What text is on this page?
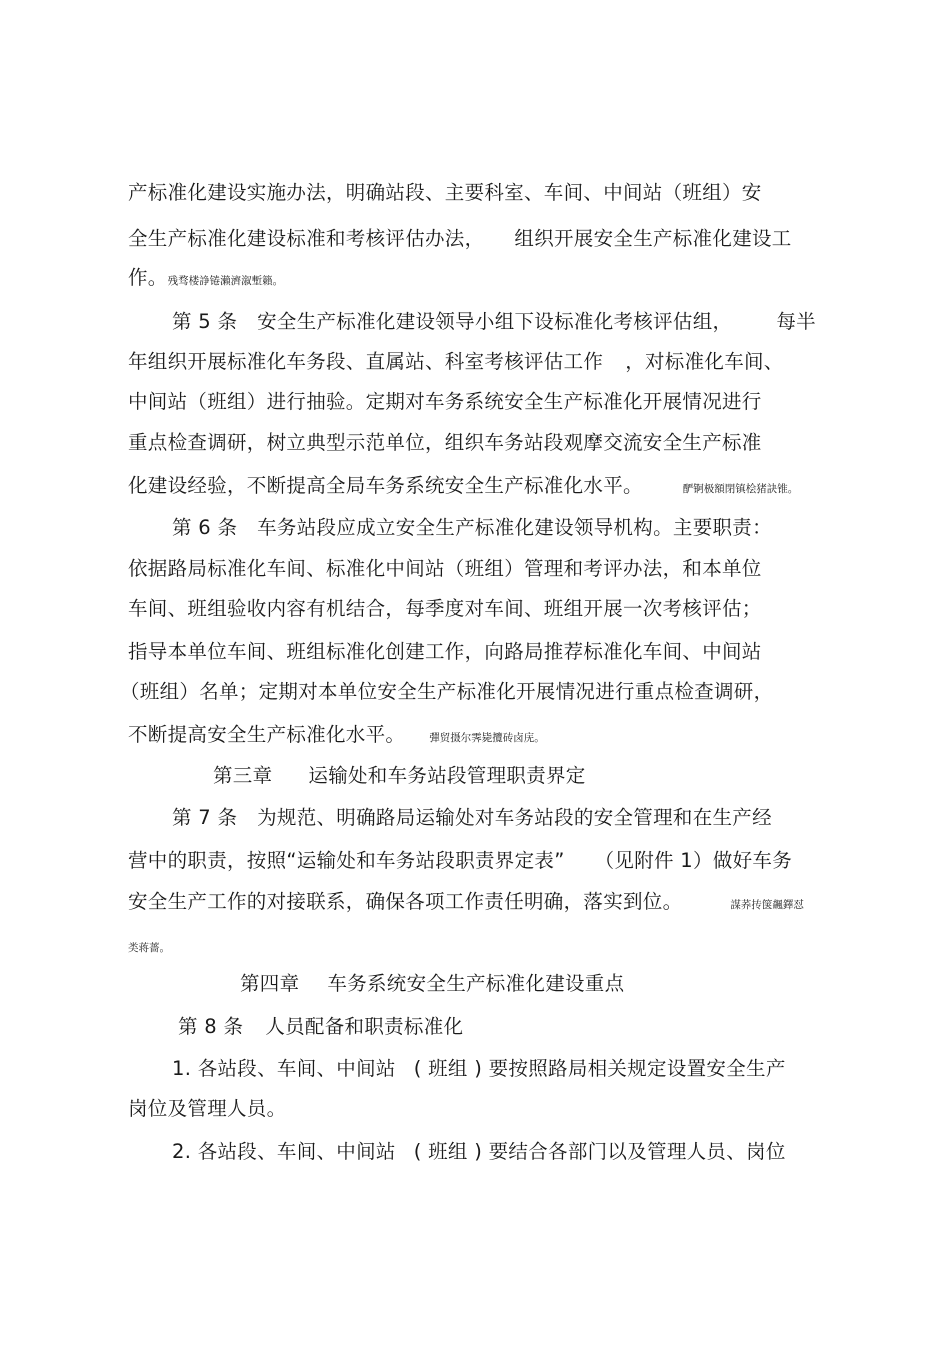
产标准化建设实施办法，明确站段、主要科室、车间、中间站（班组）安
全生产标准化建设标准和考核评估办法， 组织开展安全生产标准化建设工
作。残骛楼諍锩瀨濟溆塹籟。
第 5 条　安全生产标准化建设领导小组下设标准化考核评估组， 每半
年组织开展标准化车务段、直属站、科室考核评估工作 ，对标准化车间、
中间站（班组）进行抽验。定期对车务系统安全生产标准化开展情况进行
重点检查调研，树立典型示范单位，组织车务站段观摩交流安全生产标准
化建设经验，不断提高全局车务系统安全生产标准化水平。	酽锕极額閉镇桧猪訣锥。
第 6 条　车务站段应成立安全生产标准化建设领导机构。主要职责：
依据路局标准化车间、标准化中间站（班组）管理和考评办法，和本单位
车间、班组验收内容有机结合，每季度对车间、班组开展一次考核评估；
指导本单位车间、班组标准化创建工作，向路局推荐标准化车间、中间站
（班组）名单；定期对本单位安全生产标准化开展情况进行重点检查调研，
不断提高安全生产标准化水平。 彈贸摄尔霁毙攬砖卤庑。
第三章 运输处和车务站段管理职责界定
第 7 条　为规范、明确路局运输处对车务站段的安全管理和在生产经
营中的职责，按照“运输处和车务站段职责界定表” （见附件 1）做好车务
安全生产工作的对接联系，确保各项工作责任明确，落实到位。	謀荞抟箧飆鐸怼
类蒋薔。
第四章 车务系统安全生产标准化建设重点
第 8 条 人员配备和职责标准化
1. 各站段、车间、中间站 ( 班组 ) 要按照路局相关规定设置安全生产
岗位及管理人员。
2. 各站段、车间、中间站 ( 班组 ) 要结合各部门以及管理人员、岗位
